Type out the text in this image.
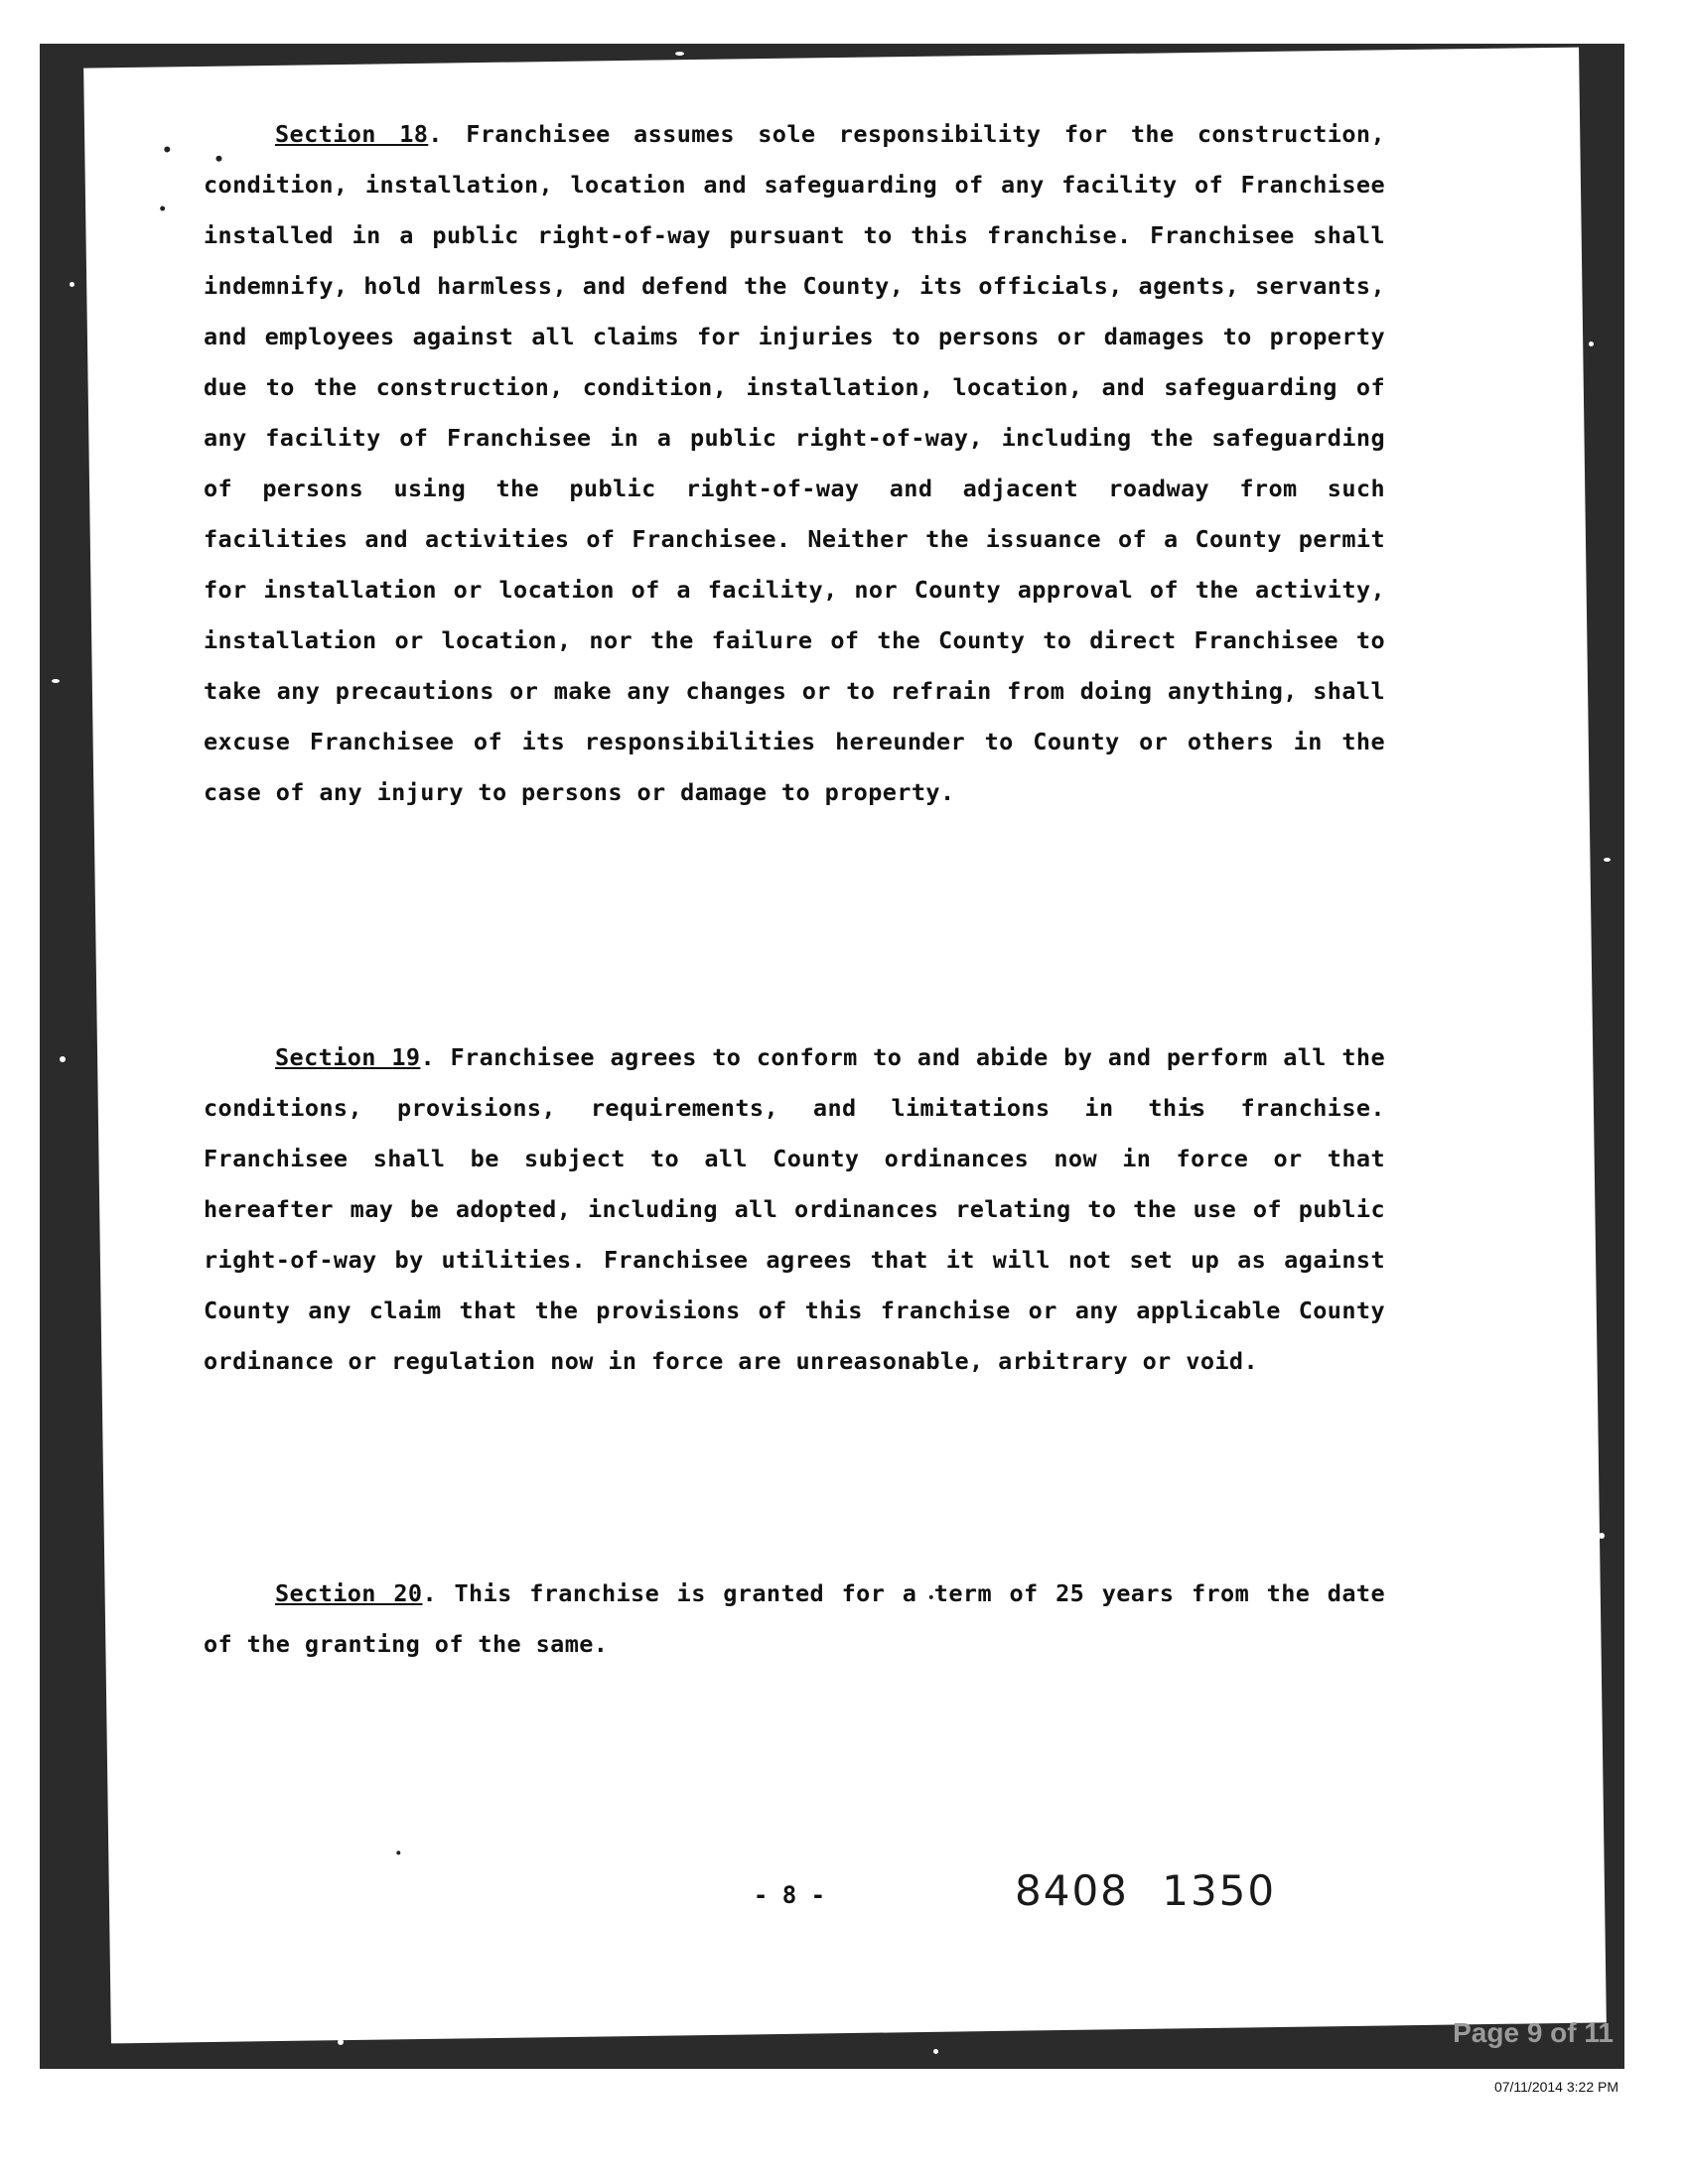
Section 18. Franchisee assumes sole responsibility for the construction, condition, installation, location and safeguarding of any facility of Franchisee installed in a public right-of-way pursuant to this franchise. Franchisee shall indemnify, hold harmless, and defend the County, its officials, agents, servants, and employees against all claims for injuries to persons or damages to property due to the construction, condition, installation, location, and safeguarding of any facility of Franchisee in a public right-of-way, including the safeguarding of persons using the public right-of-way and adjacent roadway from such facilities and activities of Franchisee. Neither the issuance of a County permit for installation or location of a facility, nor County approval of the activity, installation or location, nor the failure of the County to direct Franchisee to take any precautions or make any changes or to refrain from doing anything, shall excuse Franchisee of its responsibilities hereunder to County or others in the case of any injury to persons or damage to property.
Section 19. Franchisee agrees to conform to and abide by and perform all the conditions, provisions, requirements, and limitations in this franchise. Franchisee shall be subject to all County ordinances now in force or that hereafter may be adopted, including all ordinances relating to the use of public right-of-way by utilities. Franchisee agrees that it will not set up as against County any claim that the provisions of this franchise or any applicable County ordinance or regulation now in force are unreasonable, arbitrary or void.
Section 20. This franchise is granted for a term of 25 years from the date of the granting of the same.
- 8 -	8408 1350
Page 9 of 11
07/11/2014 3:22 PM
